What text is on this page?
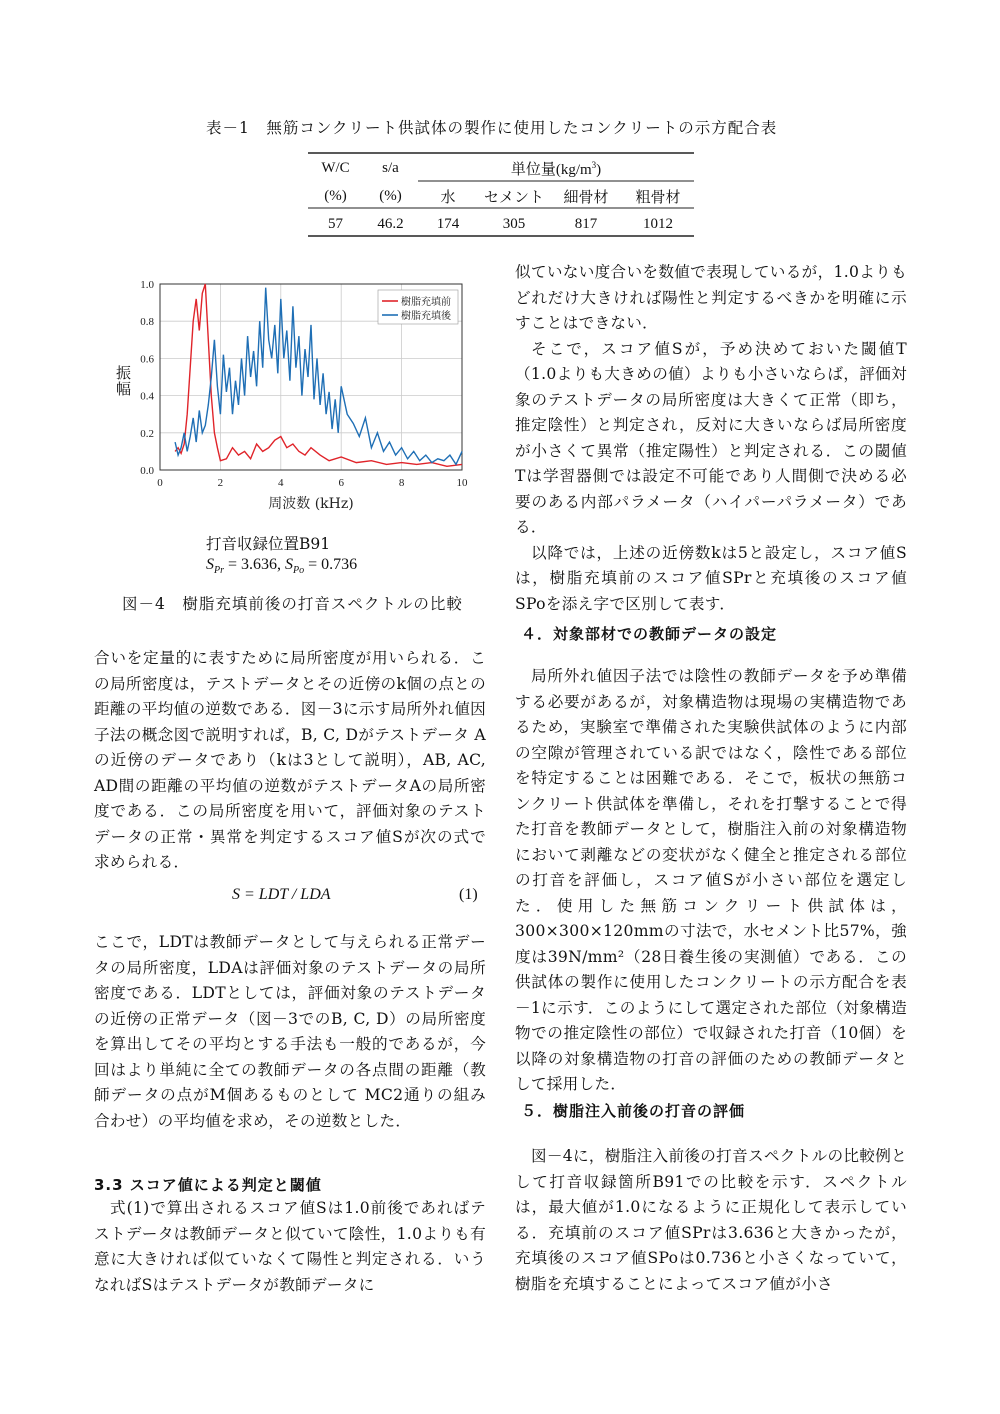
表－1　無筋コンクリート供試体の製作に使用したコンクリートの示方配合表
W/C	s/a	単位量$(kg/m^3)$			
(%)	(%)	水	セメント	細骨材	粗骨材
57	46.2	174	305	817	1012
振幅
0	2	4	6	8	10
0.0
0.2
0.4
0.6
0.8
1.0
樹脂充填前
樹脂充填後
周波数 (kHz)
打音収録位置B91
$S_{Pr} = 3.636$, $S_{Po} = 0.736$
図－4　樹脂充填前後の打音スペクトルの比較

合いを定量的に表すために局所密度が用いられる．この局所密度は，テストデータとその近傍のk個の点との距離の平均値の逆数である．図－3に示す局所外れ値因子法の概念図で説明すれば，B, C, Dがテストデータ Aの近傍のデータであり（kは3として説明），AB, AC, AD間の距離の平均値の逆数がテストデータAの局所密度である．この局所密度を用いて，評価対象のテストデータの正常・異常を判定するスコア値Sが次の式で求められる．

S = LDT / LDA	(1)

ここで，LDTは教師データとして与えられる正常データの局所密度，LDAは評価対象のテストデータの局所密度である．LDTとしては，評価対象のテストデータの近傍の正常データ（図－3でのB, C, D）の局所密度を算出してその平均とする手法も一般的であるが，今回はより単純に全ての教師データの各点間の距離（教師データの点がM個あるものとして MC2通りの組み合わせ）の平均値を求め，その逆数とした．

3.3 スコア値による判定と閾値

式(1)で算出されるスコア値Sは1.0前後であればテストデータは教師データと似ていて陰性，1.0よりも有意に大きければ似ていなくて陽性と判定される．いうなればSはテストデータが教師データに

似ていない度合いを数値で表現しているが，1.0よりもどれだけ大きければ陽性と判定するべきかを明確に示すことはできない．

そこで，スコア値Sが，予め決めておいた閾値T（1.0よりも大きめの値）よりも小さいならば，評価対象のテストデータの局所密度は大きくて正常（即ち，推定陰性）と判定され，反対に大きいならば局所密度が小さくて異常（推定陽性）と判定される．この閾値Tは学習器側では設定不可能であり人間側で決める必要のある内部パラメータ（ハイパーパラメータ）である．

以降では，上述の近傍数kは5と設定し，スコア値Sは，樹脂充填前のスコア値SPrと充填後のスコア値SPoを添え字で区別して表す．

４．対象部材での教師データの設定

局所外れ値因子法では陰性の教師データを予め準備する必要があるが，対象構造物は現場の実構造物であるため，実験室で準備された実験供試体のように内部の空隙が管理されている訳ではなく，陰性である部位を特定することは困難である．そこで，板状の無筋コンクリート供試体を準備し，それを打撃することで得た打音を教師データとして，樹脂注入前の対象構造物において剥離などの変状がなく健全と推定される部位の打音を評価し，スコア値Sが小さい部位を選定した．使用した無筋コンクリート供試体は，300×300×120mmの寸法で，水セメント比57%，強度は39N/mm²（28日養生後の実測値）である．この供試体の製作に使用したコンクリートの示方配合を表－1に示す．このようにして選定された部位（対象構造物での推定陰性の部位）で収録された打音（10個）を以降の対象構造物の打音の評価のための教師データとして採用した．

５．樹脂注入前後の打音の評価

図－4に，樹脂注入前後の打音スペクトルの比較例として打音収録箇所B91での比較を示す．スペクトルは，最大値が1.0になるように正規化して表示している．充填前のスコア値SPrは3.636と大きかったが，充填後のスコア値SPoは0.736と小さくなっていて，樹脂を充填することによってスコア値が小さ
